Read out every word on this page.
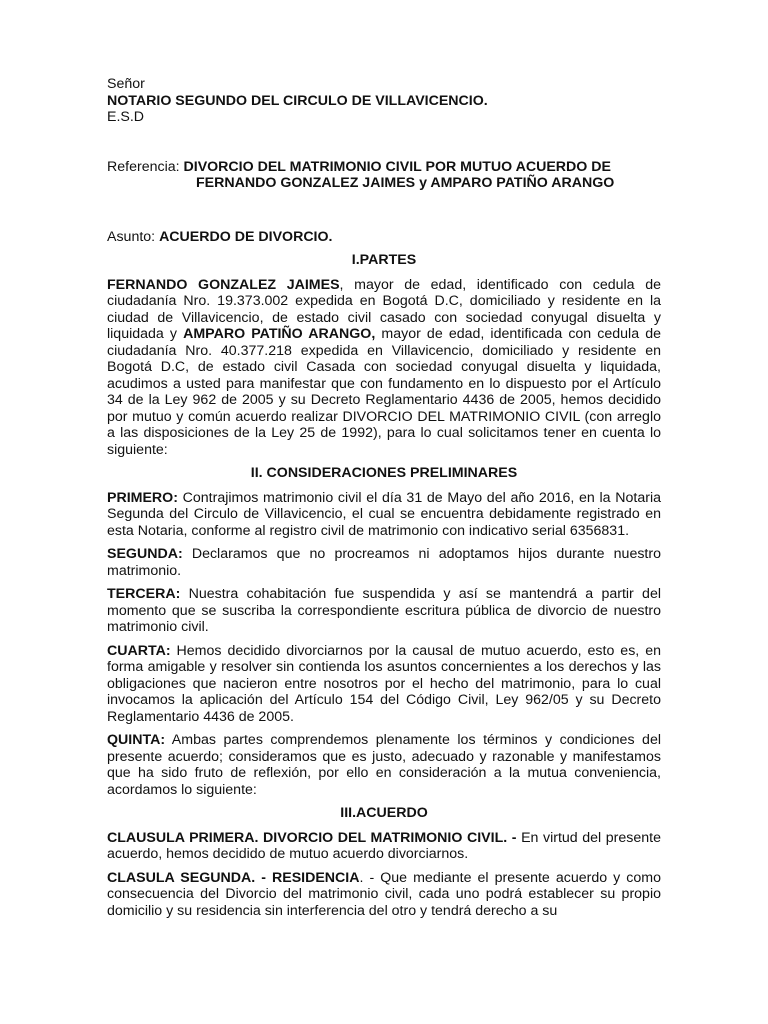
Señor

NOTARIO SEGUNDO DEL CIRCULO DE VILLAVICENCIO.

E.S.D

Referencia: DIVORCIO DEL MATRIMONIO CIVIL POR MUTUO ACUERDO DE
FERNANDO GONZALEZ JAIMES y AMPARO PATIÑO ARANGO

Asunto: ACUERDO DE DIVORCIO.

I.PARTES

FERNANDO GONZALEZ JAIMES, mayor de edad, identificado con cedula de ciudadanía Nro. 19.373.002 expedida en Bogotá D.C, domiciliado y residente en la ciudad de Villavicencio, de estado civil casado con sociedad conyugal disuelta y liquidada y AMPARO PATIÑO ARANGO, mayor de edad, identificada con cedula de ciudadanía Nro. 40.377.218 expedida en Villavicencio, domiciliado y residente en Bogotá D.C, de estado civil Casada con sociedad conyugal disuelta y liquidada, acudimos a usted para manifestar que con fundamento en lo dispuesto por el Artículo 34 de la Ley 962 de 2005 y su Decreto Reglamentario 4436 de 2005, hemos decidido por mutuo y común acuerdo realizar DIVORCIO DEL MATRIMONIO CIVIL (con arreglo a las disposiciones de la Ley 25 de 1992), para lo cual solicitamos tener en cuenta lo siguiente:

II. CONSIDERACIONES PRELIMINARES

PRIMERO: Contrajimos matrimonio civil el día 31 de Mayo del año 2016, en la Notaria Segunda del Circulo de Villavicencio, el cual se encuentra debidamente registrado en esta Notaria, conforme al registro civil de matrimonio con indicativo serial 6356831.

SEGUNDA: Declaramos que no procreamos ni adoptamos hijos durante nuestro matrimonio.

TERCERA: Nuestra cohabitación fue suspendida y así se mantendrá a partir del momento que se suscriba la correspondiente escritura pública de divorcio de nuestro matrimonio civil.

CUARTA: Hemos decidido divorciarnos por la causal de mutuo acuerdo, esto es, en forma amigable y resolver sin contienda los asuntos concernientes a los derechos y las obligaciones que nacieron entre nosotros por el hecho del matrimonio, para lo cual invocamos la aplicación del Artículo 154 del Código Civil, Ley 962/05 y su Decreto Reglamentario 4436 de 2005.

QUINTA: Ambas partes comprendemos plenamente los términos y condiciones del presente acuerdo; consideramos que es justo, adecuado y razonable y manifestamos que ha sido fruto de reflexión, por ello en consideración a la mutua conveniencia, acordamos lo siguiente:

III.ACUERDO

CLAUSULA PRIMERA. DIVORCIO DEL MATRIMONIO CIVIL. - En virtud del presente acuerdo, hemos decidido de mutuo acuerdo divorciarnos.

CLASULA SEGUNDA. - RESIDENCIA. - Que mediante el presente acuerdo y como consecuencia del Divorcio del matrimonio civil, cada uno podrá establecer su propio domicilio y su residencia sin interferencia del otro y tendrá derecho a su
